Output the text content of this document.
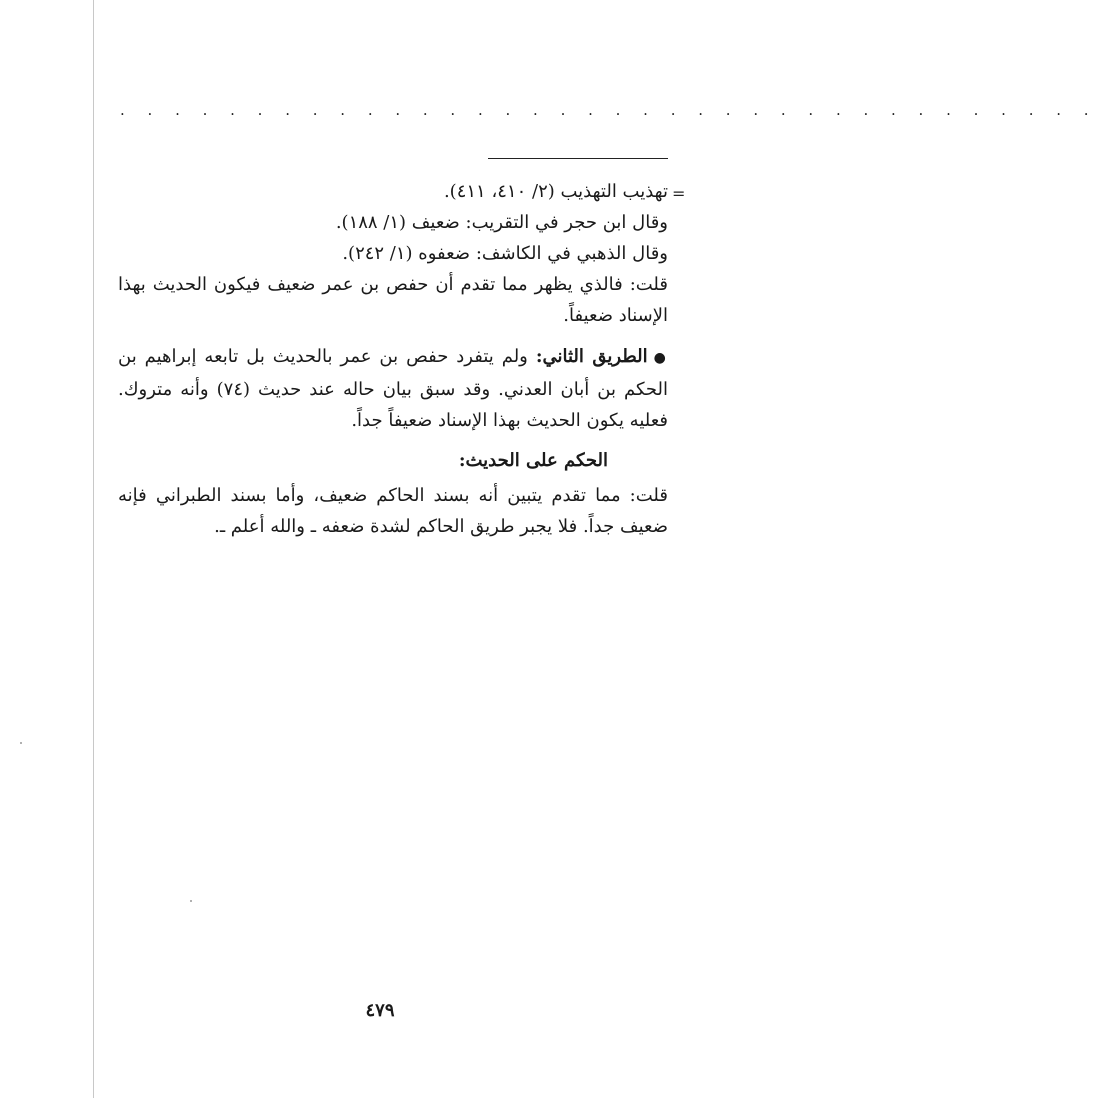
. . . . . . . . . . . . . . . . . . . . . . . . . . . . . . . . . . . .
=
تهذيب التهذيب (٢/ ٤١٠، ٤١١).
وقال ابن حجر في التقريب: ضعيف (١/ ١٨٨).
وقال الذهبي في الكاشف: ضعفوه (١/ ٢٤٢).
قلت: فالذي يظهر مما تقدم أن حفص بن عمر ضعيف فيكون الحديث بهذا
الإسناد ضعيفاً.
●الطريق الثاني: ولم يتفرد حفص بن عمر بالحديث بل تابعه إبراهيم بن
الحكم بن أبان العدني. وقد سبق بيان حاله عند حديث (٧٤) وأنه متروك.
فعليه يكون الحديث بهذا الإسناد ضعيفاً جداً.
الحكم على الحديث:
قلت: مما تقدم يتبين أنه بسند الحاكم ضعيف، وأما بسند الطبراني فإنه
ضعيف جداً. فلا يجبر طريق الحاكم لشدة ضعفه ـ والله أعلم ـ.
٤٧٩
